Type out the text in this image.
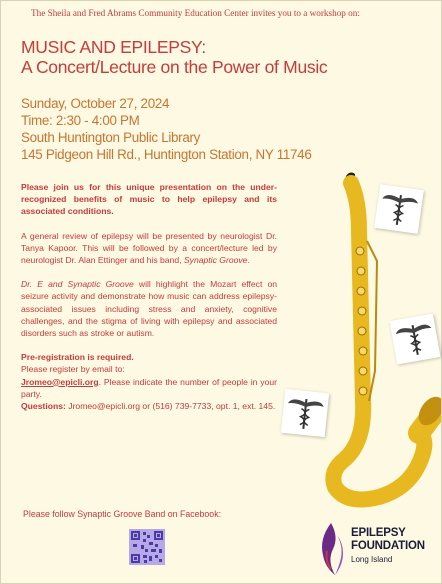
The Sheila and Fred Abrams Community Education Center invites you to a workshop on:
MUSIC AND EPILEPSY:
A Concert/Lecture on the Power of Music
Sunday, October 27, 2024
Time: 2:30 - 4:00 PM
South Huntington Public Library
145 Pidgeon Hill Rd., Huntington Station, NY 11746

Please join us for this unique presentation on the under-recognized benefits of music to help epilepsy and its associated conditions.

A general review of epilepsy will be presented by neurologist Dr. Tanya Kapoor. This will be followed by a concert/lecture led by neurologist Dr. Alan Ettinger and his band, Synaptic Groove.

Dr. E and Synaptic Groove will highlight the Mozart effect on seizure activity and demonstrate how music can address epilepsy-associated issues including stress and anxiety, cognitive challenges, and the stigma of living with epilepsy and associated disorders such as stroke or autism.

Pre-registration is required.
Please register by email to:
Jromeo@epicli.org. Please indicate the number of people in your party.
Questions: Jromeo@epicli.org or (516) 739-7733, opt. 1, ext. 145.

Please follow Synaptic Groove Band on Facebook:
EPILEPSY
FOUNDATION
Long Island
